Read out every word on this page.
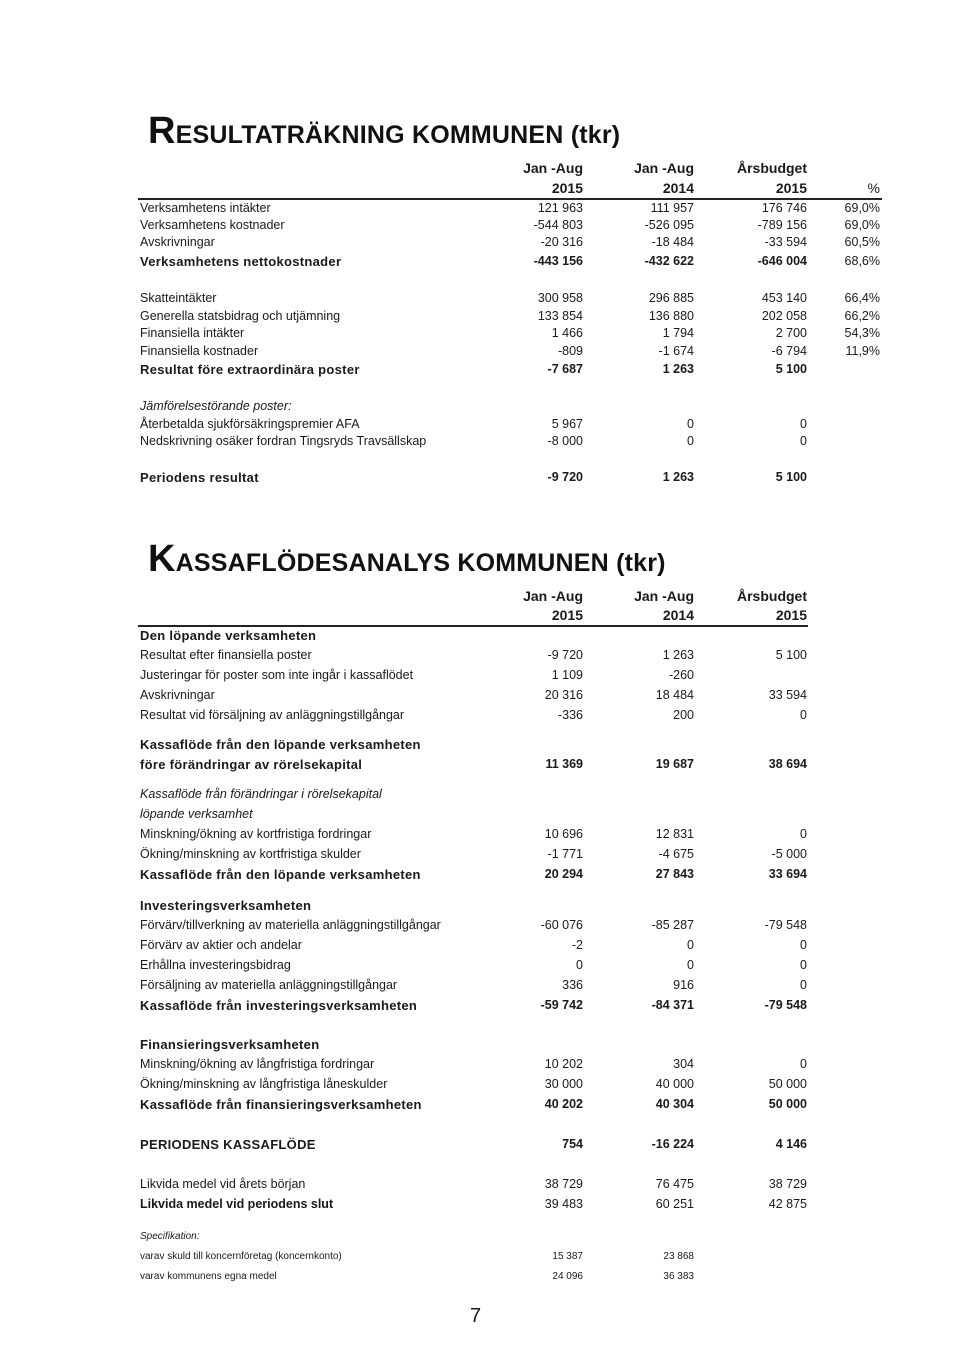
RESULTATRÄKNING KOMMUNEN (tkr)
Jan -Aug	Jan -Aug	Årsbudget
2015	2014	2015	%
Verksamhetens intäkter	121 963	111 957	176 746	69,0%
Verksamhetens kostnader	-544 803	-526 095	-789 156	69,0%
Avskrivningar	-20 316	-18 484	-33 594	60,5%
Verksamhetens nettokostnader	-443 156	-432 622	-646 004	68,6%
Skatteintäkter	300 958	296 885	453 140	66,4%
Generella statsbidrag och utjämning	133 854	136 880	202 058	66,2%
Finansiella intäkter	1 466	1 794	2 700	54,3%
Finansiella kostnader	-809	-1 674	-6 794	11,9%
Resultat före extraordinära poster	-7 687	1 263	5 100
Jämförelsestörande poster:
Återbetalda sjukförsäkringspremier AFA	5 967	0	0
Nedskrivning osäker fordran Tingsryds Travsällskap	-8 000	0	0
Periodens resultat	-9 720	1 263	5 100
KASSAFLÖDESANALYS KOMMUNEN (tkr)
Jan -Aug	Jan -Aug	Årsbudget
2015	2014	2015
Den löpande verksamheten
Resultat efter finansiella poster	-9 720	1 263	5 100
Justeringar för poster som inte ingår i kassaflödet	1 109	-260
Avskrivningar	20 316	18 484	33 594
Resultat vid försäljning av anläggningstillgångar	-336	200	0
Kassaflöde från den löpande verksamheten
före förändringar av rörelsekapital	11 369	19 687	38 694
Kassaflöde från förändringar i rörelsekapital
löpande verksamhet
Minskning/ökning av kortfristiga fordringar	10 696	12 831	0
Ökning/minskning av kortfristiga skulder	-1 771	-4 675	-5 000
Kassaflöde från den löpande verksamheten	20 294	27 843	33 694
Investeringsverksamheten
Förvärv/tillverkning av materiella anläggningstillgångar	-60 076	-85 287	-79 548
Förvärv av aktier och andelar	-2	0	0
Erhållna investeringsbidrag	0	0	0
Försäljning av materiella anläggningstillgångar	336	916	0
Kassaflöde från investeringsverksamheten	-59 742	-84 371	-79 548
Finansieringsverksamheten
Minskning/ökning av långfristiga fordringar	10 202	304	0
Ökning/minskning av långfristiga låneskulder	30 000	40 000	50 000
Kassaflöde från finansieringsverksamheten	40 202	40 304	50 000
PERIODENS KASSAFLÖDE	754	-16 224	4 146
Likvida medel vid årets början	38 729	76 475	38 729
Likvida medel vid periodens slut	39 483	60 251	42 875
Specifikation:
varav skuld till koncernföretag (koncernkonto)	15 387	23 868
varav kommunens egna medel	24 096	36 383
7
